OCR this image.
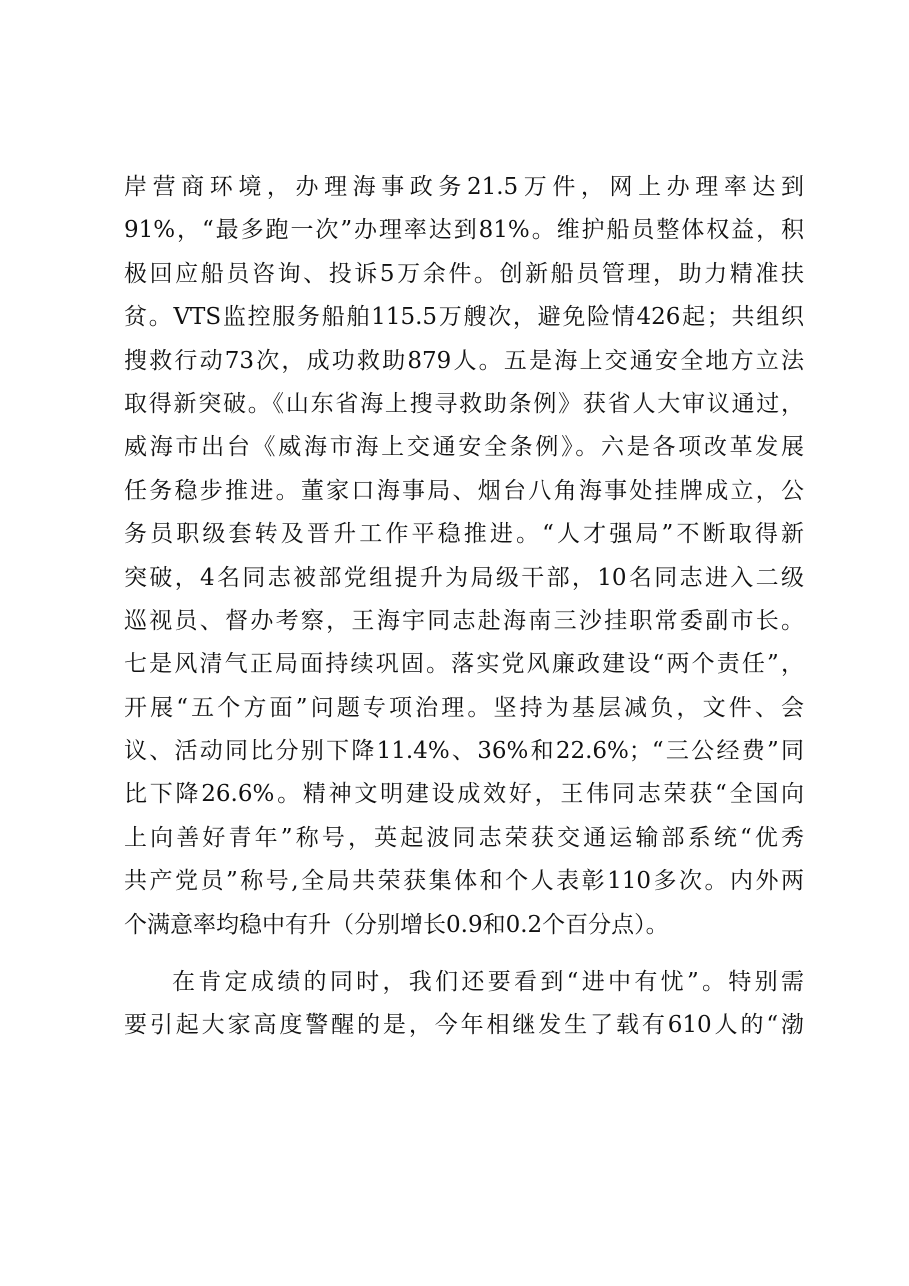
岸营商环境，办理海事政务21.5万件，网上办理率达到
91%，“最多跑一次”办理率达到81%。维护船员整体权益，积
极回应船员咨询、投诉5万余件。创新船员管理，助力精准扶
贫。VTS监控服务船舶115.5万艘次，避免险情426起；共组织
搜救行动73次，成功救助879人。五是海上交通安全地方立法
取得新突破。《山东省海上搜寻救助条例》获省人大审议通过，
威海市出台《威海市海上交通安全条例》。六是各项改革发展
任务稳步推进。董家口海事局、烟台八角海事处挂牌成立，公
务员职级套转及晋升工作平稳推进。“人才强局”不断取得新
突破，4名同志被部党组提升为局级干部，10名同志进入二级
巡视员、督办考察，王海宇同志赴海南三沙挂职常委副市长。
七是风清气正局面持续巩固。落实党风廉政建设“两个责任”，
开展“五个方面”问题专项治理。坚持为基层减负，文件、会
议、活动同比分别下降11.4%、36%和22.6%；“三公经费”同
比下降26.6%。精神文明建设成效好，王伟同志荣获“全国向
上向善好青年”称号，英起波同志荣获交通运输部系统“优秀
共产党员”称号,全局共荣获集体和个人表彰110多次。内外两
个满意率均稳中有升（分别增长0.9和0.2个百分点）。
在肯定成绩的同时，我们还要看到“进中有忧”。特别需
要引起大家高度警醒的是，今年相继发生了载有610人的“渤
